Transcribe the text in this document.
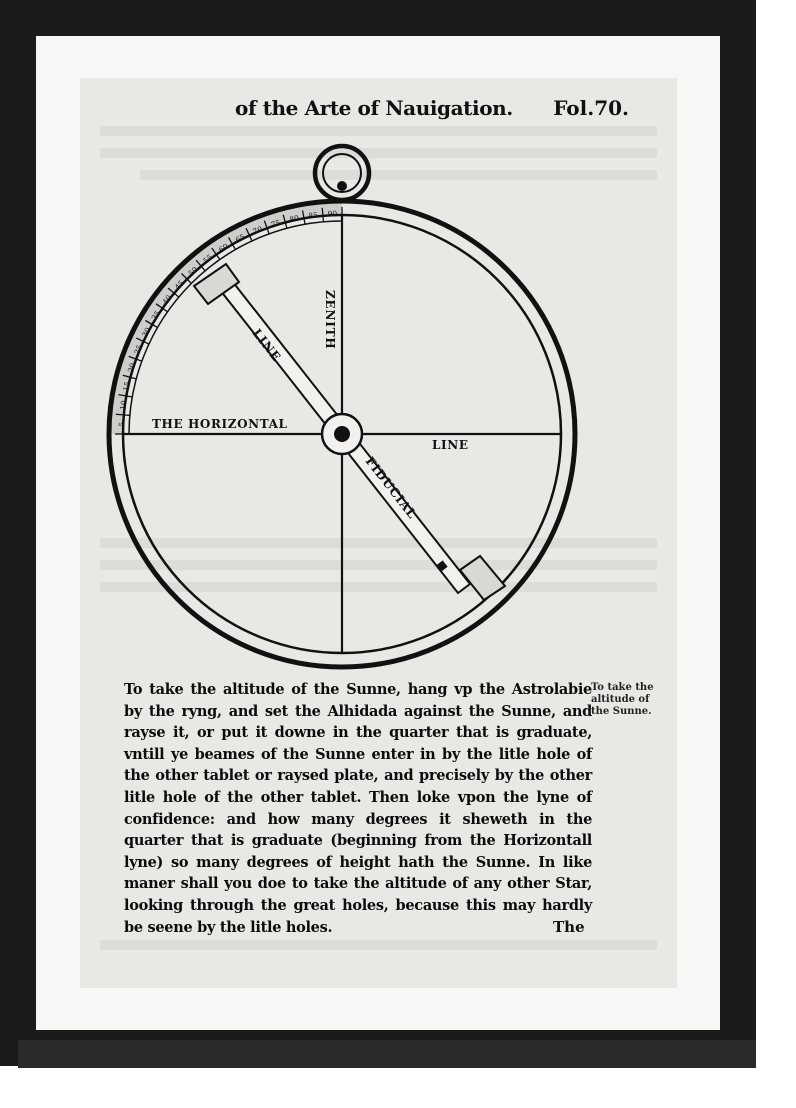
of the Arte of Nauigation. Fol.70.
5
10
15
20
25
30
35
40
45
50
55
60
65
70
75 80 85 90
THE HORIZONTAL
LINE
ZENITH
LINE
FIDUCIAL

To take the altitude of the Sunne, hang vp the Astrolabie by the ryng, and set the Alhidada against the Sunne, and rayse it, or put it downe in the quarter that is graduate, vntill ye beames of the Sunne enter in by the litle hole of the other tablet or raysed plate, and precisely by the other litle hole of the other tablet. Then loke vpon the lyne of confidence: and how many degrees it sheweth in the quarter that is graduate (beginning from the Horizontall lyne) so many degrees of height hath the Sunne. In like maner shall you doe to take the altitude of any other Star, looking through the great holes, because this may hardly be seene by the litle holes.
To take the altitude of the Sunne.
The
